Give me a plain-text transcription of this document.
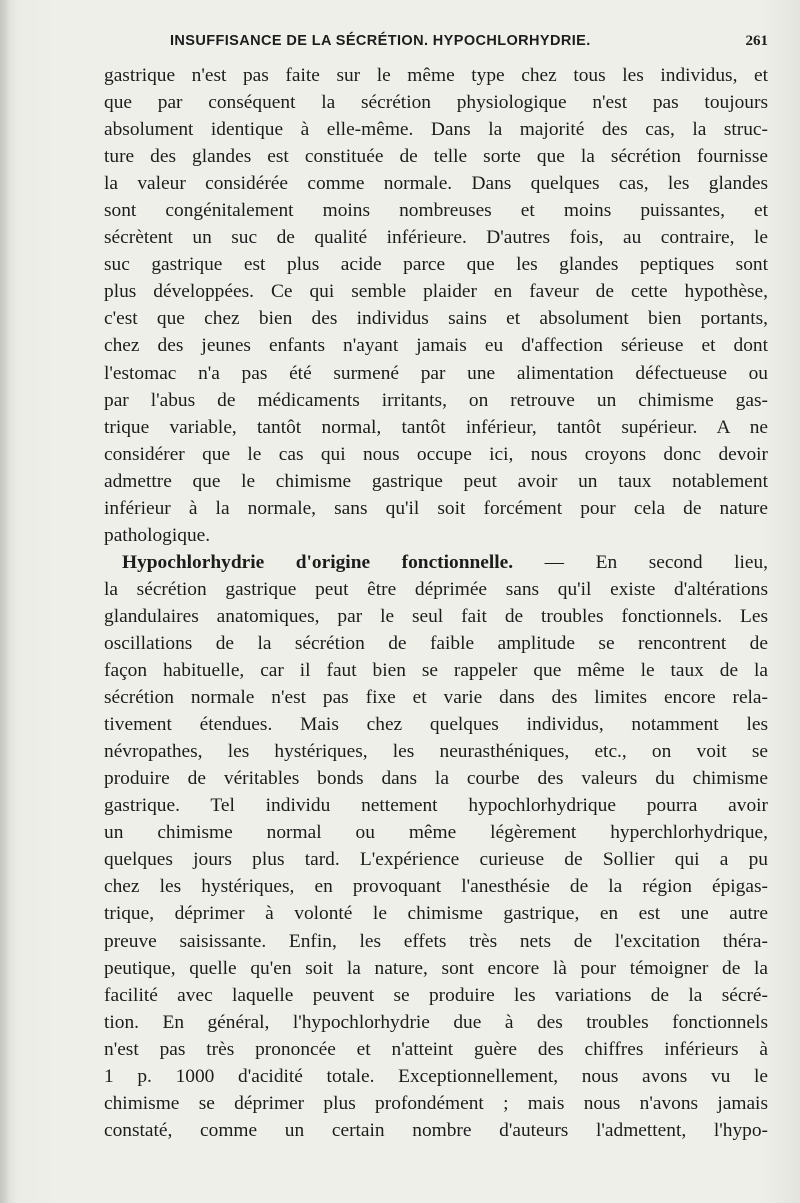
INSUFFISANCE DE LA SÉCRÉTION. HYPOCHLORHYDRIE.	261
gastrique n'est pas faite sur le même type chez tous les individus, et
que par conséquent la sécrétion physiologique n'est pas toujours
absolument identique à elle-même. Dans la majorité des cas, la struc-
ture des glandes est constituée de telle sorte que la sécrétion fournisse
la valeur considérée comme normale. Dans quelques cas, les glandes
sont congénitalement moins nombreuses et moins puissantes, et
sécrètent un suc de qualité inférieure. D'autres fois, au contraire, le
suc gastrique est plus acide parce que les glandes peptiques sont
plus développées. Ce qui semble plaider en faveur de cette hypothèse,
c'est que chez bien des individus sains et absolument bien portants,
chez des jeunes enfants n'ayant jamais eu d'affection sérieuse et dont
l'estomac n'a pas été surmené par une alimentation défectueuse ou
par l'abus de médicaments irritants, on retrouve un chimisme gas-
trique variable, tantôt normal, tantôt inférieur, tantôt supérieur. A ne
considérer que le cas qui nous occupe ici, nous croyons donc devoir
admettre que le chimisme gastrique peut avoir un taux notablement
inférieur à la normale, sans qu'il soit forcément pour cela de nature
pathologique.
Hypochlorhydrie d'origine fonctionnelle. — En second lieu,
la sécrétion gastrique peut être déprimée sans qu'il existe d'altérations
glandulaires anatomiques, par le seul fait de troubles fonctionnels. Les
oscillations de la sécrétion de faible amplitude se rencontrent de
façon habituelle, car il faut bien se rappeler que même le taux de la
sécrétion normale n'est pas fixe et varie dans des limites encore rela-
tivement étendues. Mais chez quelques individus, notamment les
névropathes, les hystériques, les neurasthéniques, etc., on voit se
produire de véritables bonds dans la courbe des valeurs du chimisme
gastrique. Tel individu nettement hypochlorhydrique pourra avoir
un chimisme normal ou même légèrement hyperchlorhydrique,
quelques jours plus tard. L'expérience curieuse de Sollier qui a pu
chez les hystériques, en provoquant l'anesthésie de la région épigas-
trique, déprimer à volonté le chimisme gastrique, en est une autre
preuve saisissante. Enfin, les effets très nets de l'excitation théra-
peutique, quelle qu'en soit la nature, sont encore là pour témoigner de la
facilité avec laquelle peuvent se produire les variations de la sécré-
tion. En général, l'hypochlorhydrie due à des troubles fonctionnels
n'est pas très prononcée et n'atteint guère des chiffres inférieurs à
1 p. 1000 d'acidité totale. Exceptionnellement, nous avons vu le
chimisme se déprimer plus profondément ; mais nous n'avons jamais
constaté, comme un certain nombre d'auteurs l'admettent, l'hypo-
